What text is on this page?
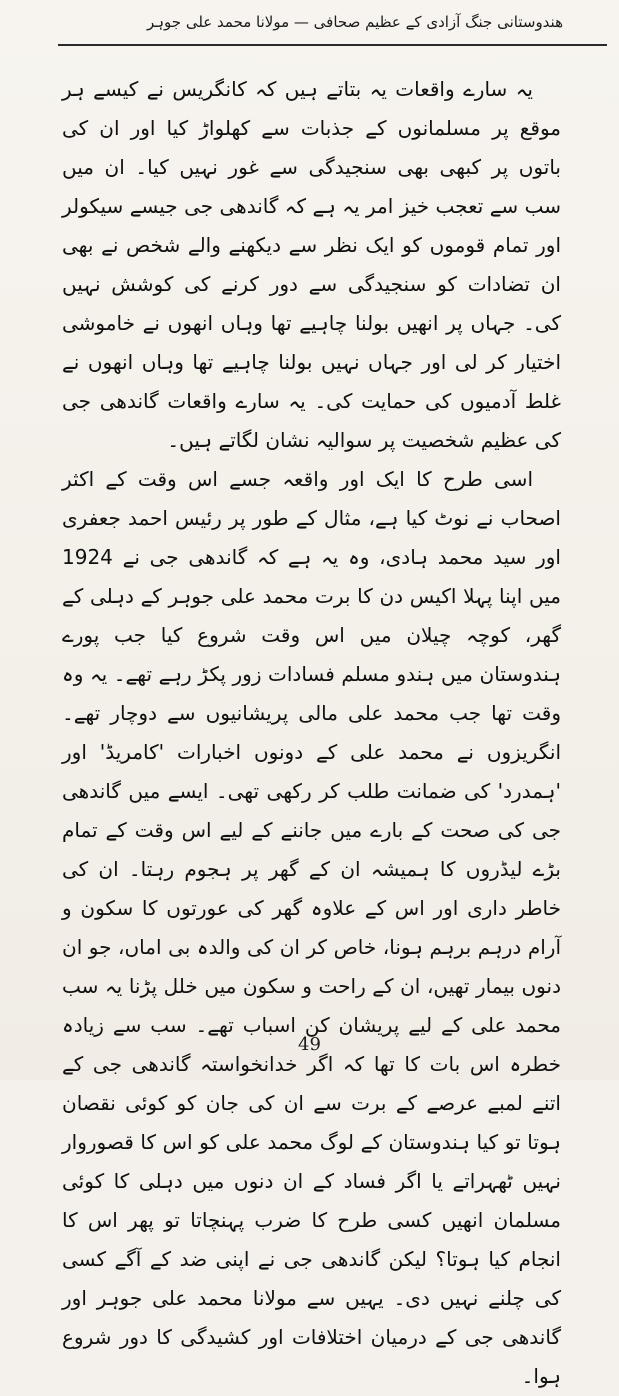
هندوستانی جنگ آزادی کے عظیم صحافی — مولانا محمد علی جوہر

یہ سارے واقعات یہ بتاتے ہیں کہ کانگریس نے کیسے ہر موقع پر مسلمانوں کے جذبات سے کھلواڑ کیا اور ان کی باتوں پر کبھی بھی سنجیدگی سے غور نہیں کیا۔ ان میں سب سے تعجب خیز امر یہ ہے کہ گاندھی جی جیسے سیکولر اور تمام قوموں کو ایک نظر سے دیکھنے والے شخص نے بھی ان تضادات کو سنجیدگی سے دور کرنے کی کوشش نہیں کی۔ جہاں پر انھیں بولنا چاہیے تھا وہاں انھوں نے خاموشی اختیار کر لی اور جہاں نہیں بولنا چاہیے تھا وہاں انھوں نے غلط آدمیوں کی حمایت کی۔ یہ سارے واقعات گاندھی جی کی عظیم شخصیت پر سوالیہ نشان لگاتے ہیں۔

اسی طرح کا ایک اور واقعہ جسے اس وقت کے اکثر اصحاب نے نوٹ کیا ہے، مثال کے طور پر رئیس احمد جعفری اور سید محمد ہادی، وہ یہ ہے کہ گاندھی جی نے 1924 میں اپنا پہلا اکیس دن کا برت محمد علی جوہر کے دہلی کے گھر، کوچہ چیلان میں اس وقت شروع کیا جب پورے ہندوستان میں ہندو مسلم فسادات زور پکڑ رہے تھے۔ یہ وہ وقت تھا جب محمد علی مالی پریشانیوں سے دوچار تھے۔ انگریزوں نے محمد علی کے دونوں اخبارات 'کامریڈ' اور 'ہمدرد' کی ضمانت طلب کر رکھی تھی۔ ایسے میں گاندھی جی کی صحت کے بارے میں جاننے کے لیے اس وقت کے تمام بڑے لیڈروں کا ہمیشہ ان کے گھر پر ہجوم رہتا۔ ان کی خاطر داری اور اس کے علاوہ گھر کی عورتوں کا سکون و آرام درہم برہم ہونا، خاص کر ان کی والدہ بی اماں، جو ان دنوں بیمار تھیں، ان کے راحت و سکون میں خلل پڑنا یہ سب محمد علی کے لیے پریشان کن اسباب تھے۔ سب سے زیادہ خطرہ اس بات کا تھا کہ اگر خدانخواستہ گاندھی جی کے اتنے لمبے عرصے کے برت سے ان کی جان کو کوئی نقصان ہوتا تو کیا ہندوستان کے لوگ محمد علی کو اس کا قصوروار نہیں ٹھہراتے یا اگر فساد کے ان دنوں میں دہلی کا کوئی مسلمان انھیں کسی طرح کا ضرب پہنچاتا تو پھر اس کا انجام کیا ہوتا؟ لیکن گاندھی جی نے اپنی ضد کے آگے کسی کی چلنے نہیں دی۔ یہیں سے مولانا محمد علی جوہر اور گاندھی جی کے درمیان اختلافات اور کشیدگی کا دور شروع ہوا۔

49
